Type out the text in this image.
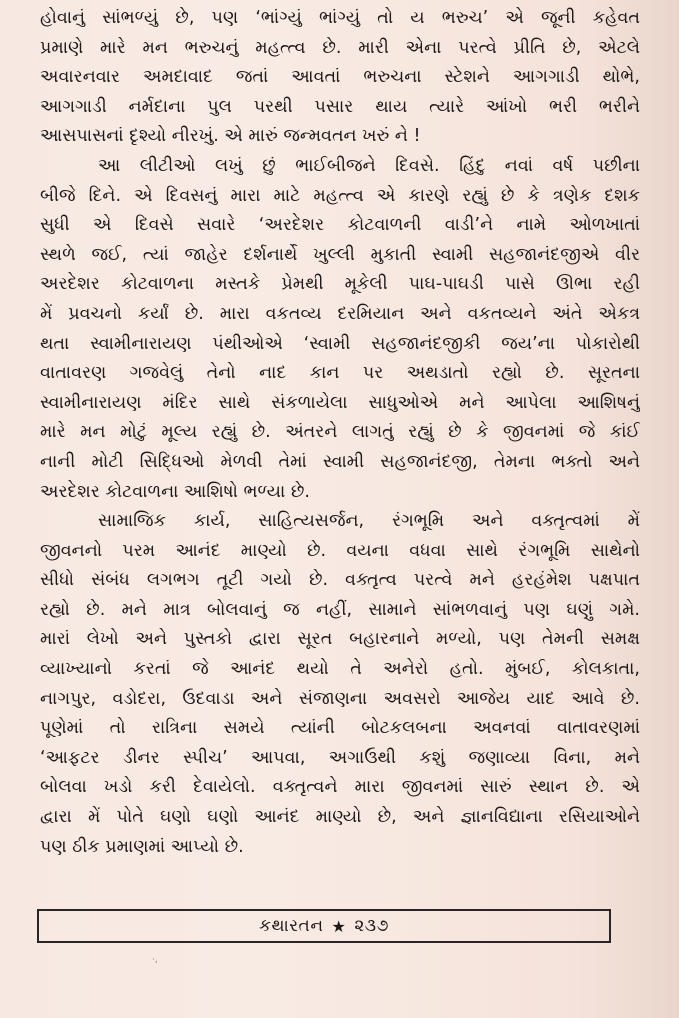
હોવાનું સાંભળ્યું છે, પણ ‘ભાંગ્યું ભાંગ્યું તો ય ભરુચ’ એ જૂની કહેવત
પ્રમાણે મારે મન ભરુચનું મહત્ત્વ છે. મારી એના પરત્વે પ્રીતિ છે, એટલે
અવારનવાર અમદાવાદ જતાં આવતાં ભરુચના સ્ટેશને આગગાડી થોભે,
આગગાડી નર્મદાના પુલ પરથી પસાર થાય ત્યારે આંખો ભરી ભરીને
આસપાસનાં દૃશ્યો નીરખું. એ મારું જન્મવતન ખરું ને !
આ લીટીઓ લખું છું ભાઈબીજને દિવસે. હિંદુ નવાં વર્ષ પછીના
બીજે દિને. એ દિવસનું મારા માટે મહત્ત્વ એ કારણે રહ્યું છે કે ત્રણેક દશક
સુધી એ દિવસે સવારે ‘અરદેશર કોટવાળની વાડી’ને નામે ઓળખાતાં
સ્થળે જઈ, ત્યાં જાહેર દર્શનાર્થે ખુલ્લી મુકાતી સ્વામી સહજાનંદજીએ વીર
અરદેશર કોટવાળના મસ્તકે પ્રેમથી મૂકેલી પાઘ-પાઘડી પાસે ઊભા રહી
મેં પ્રવચનો કર્યાં છે. મારા વકતવ્ય દરમિયાન અને વકતવ્યને અંતે એકત્ર
થતા સ્વામીનારાયણ પંથીઓએ ‘સ્વામી સહજાનંદજીકી જય’ના પોકારોથી
વાતાવરણ ગજવેલું તેનો નાદ કાન પર અથડાતો રહ્યો છે. સૂરતના
સ્વામીનારાયણ મંદિર સાથે સંકળાયેલા સાધુઓએ મને આપેલા આશિષનું
મારે મન મોટું મૂલ્ય રહ્યું છે. અંતરને લાગતું રહ્યું છે કે જીવનમાં જે કાંઈ
નાની મોટી સિદ્ધિઓ મેળવી તેમાં સ્વામી સહજાનંદજી, તેમના ભક્તો અને
અરદેશર કોટવાળના આશિષો ભળ્યા છે.
સામાજિક કાર્ય, સાહિત્યસર્જન, રંગભૂમિ અને વક્તૃત્વમાં મેં
જીવનનો પરમ આનંદ માણ્યો છે. વયના વધવા સાથે રંગભૂમિ સાથેનો
સીધો સંબંધ લગભગ તૂટી ગયો છે. વક્તૃત્વ પરત્વે મને હરહંમેશ પક્ષપાત
રહ્યો છે. મને માત્ર બોલવાનું જ નહીં, સામાને સાંભળવાનું પણ ઘણું ગમે.
મારાં લેખો અને પુસ્તકો દ્વારા સૂરત બહારનાને મળ્યો, પણ તેમની સમક્ષ
વ્યાખ્યાનો કરતાં જે આનંદ થયો તે અનેરો હતો. મુંબઈ, કોલકાતા,
નાગપુર, વડોદરા, ઉદવાડા અને સંજાણના અવસરો આજેય યાદ આવે છે.
પૂણેમાં તો રાત્રિના સમયે ત્યાંની બોટકલબના અવનવાં વાતાવરણમાં
‘આફટર ડીનર સ્પીચ’ આપવા, અગાઉથી કશું જણાવ્યા વિના, મને
બોલવા ખડો કરી દેવાયેલો. વક્તૃત્વને મારા જીવનમાં સારું સ્થાન છે. એ
દ્વારા મેં પોતે ઘણો ઘણો આનંદ માણ્યો છે, અને જ્ઞાનવિદ્યાના રસિયાઓને
પણ ઠીક પ્રમાણમાં આપ્યો છે.
કથારતન ★ ૨૩૭
·,
